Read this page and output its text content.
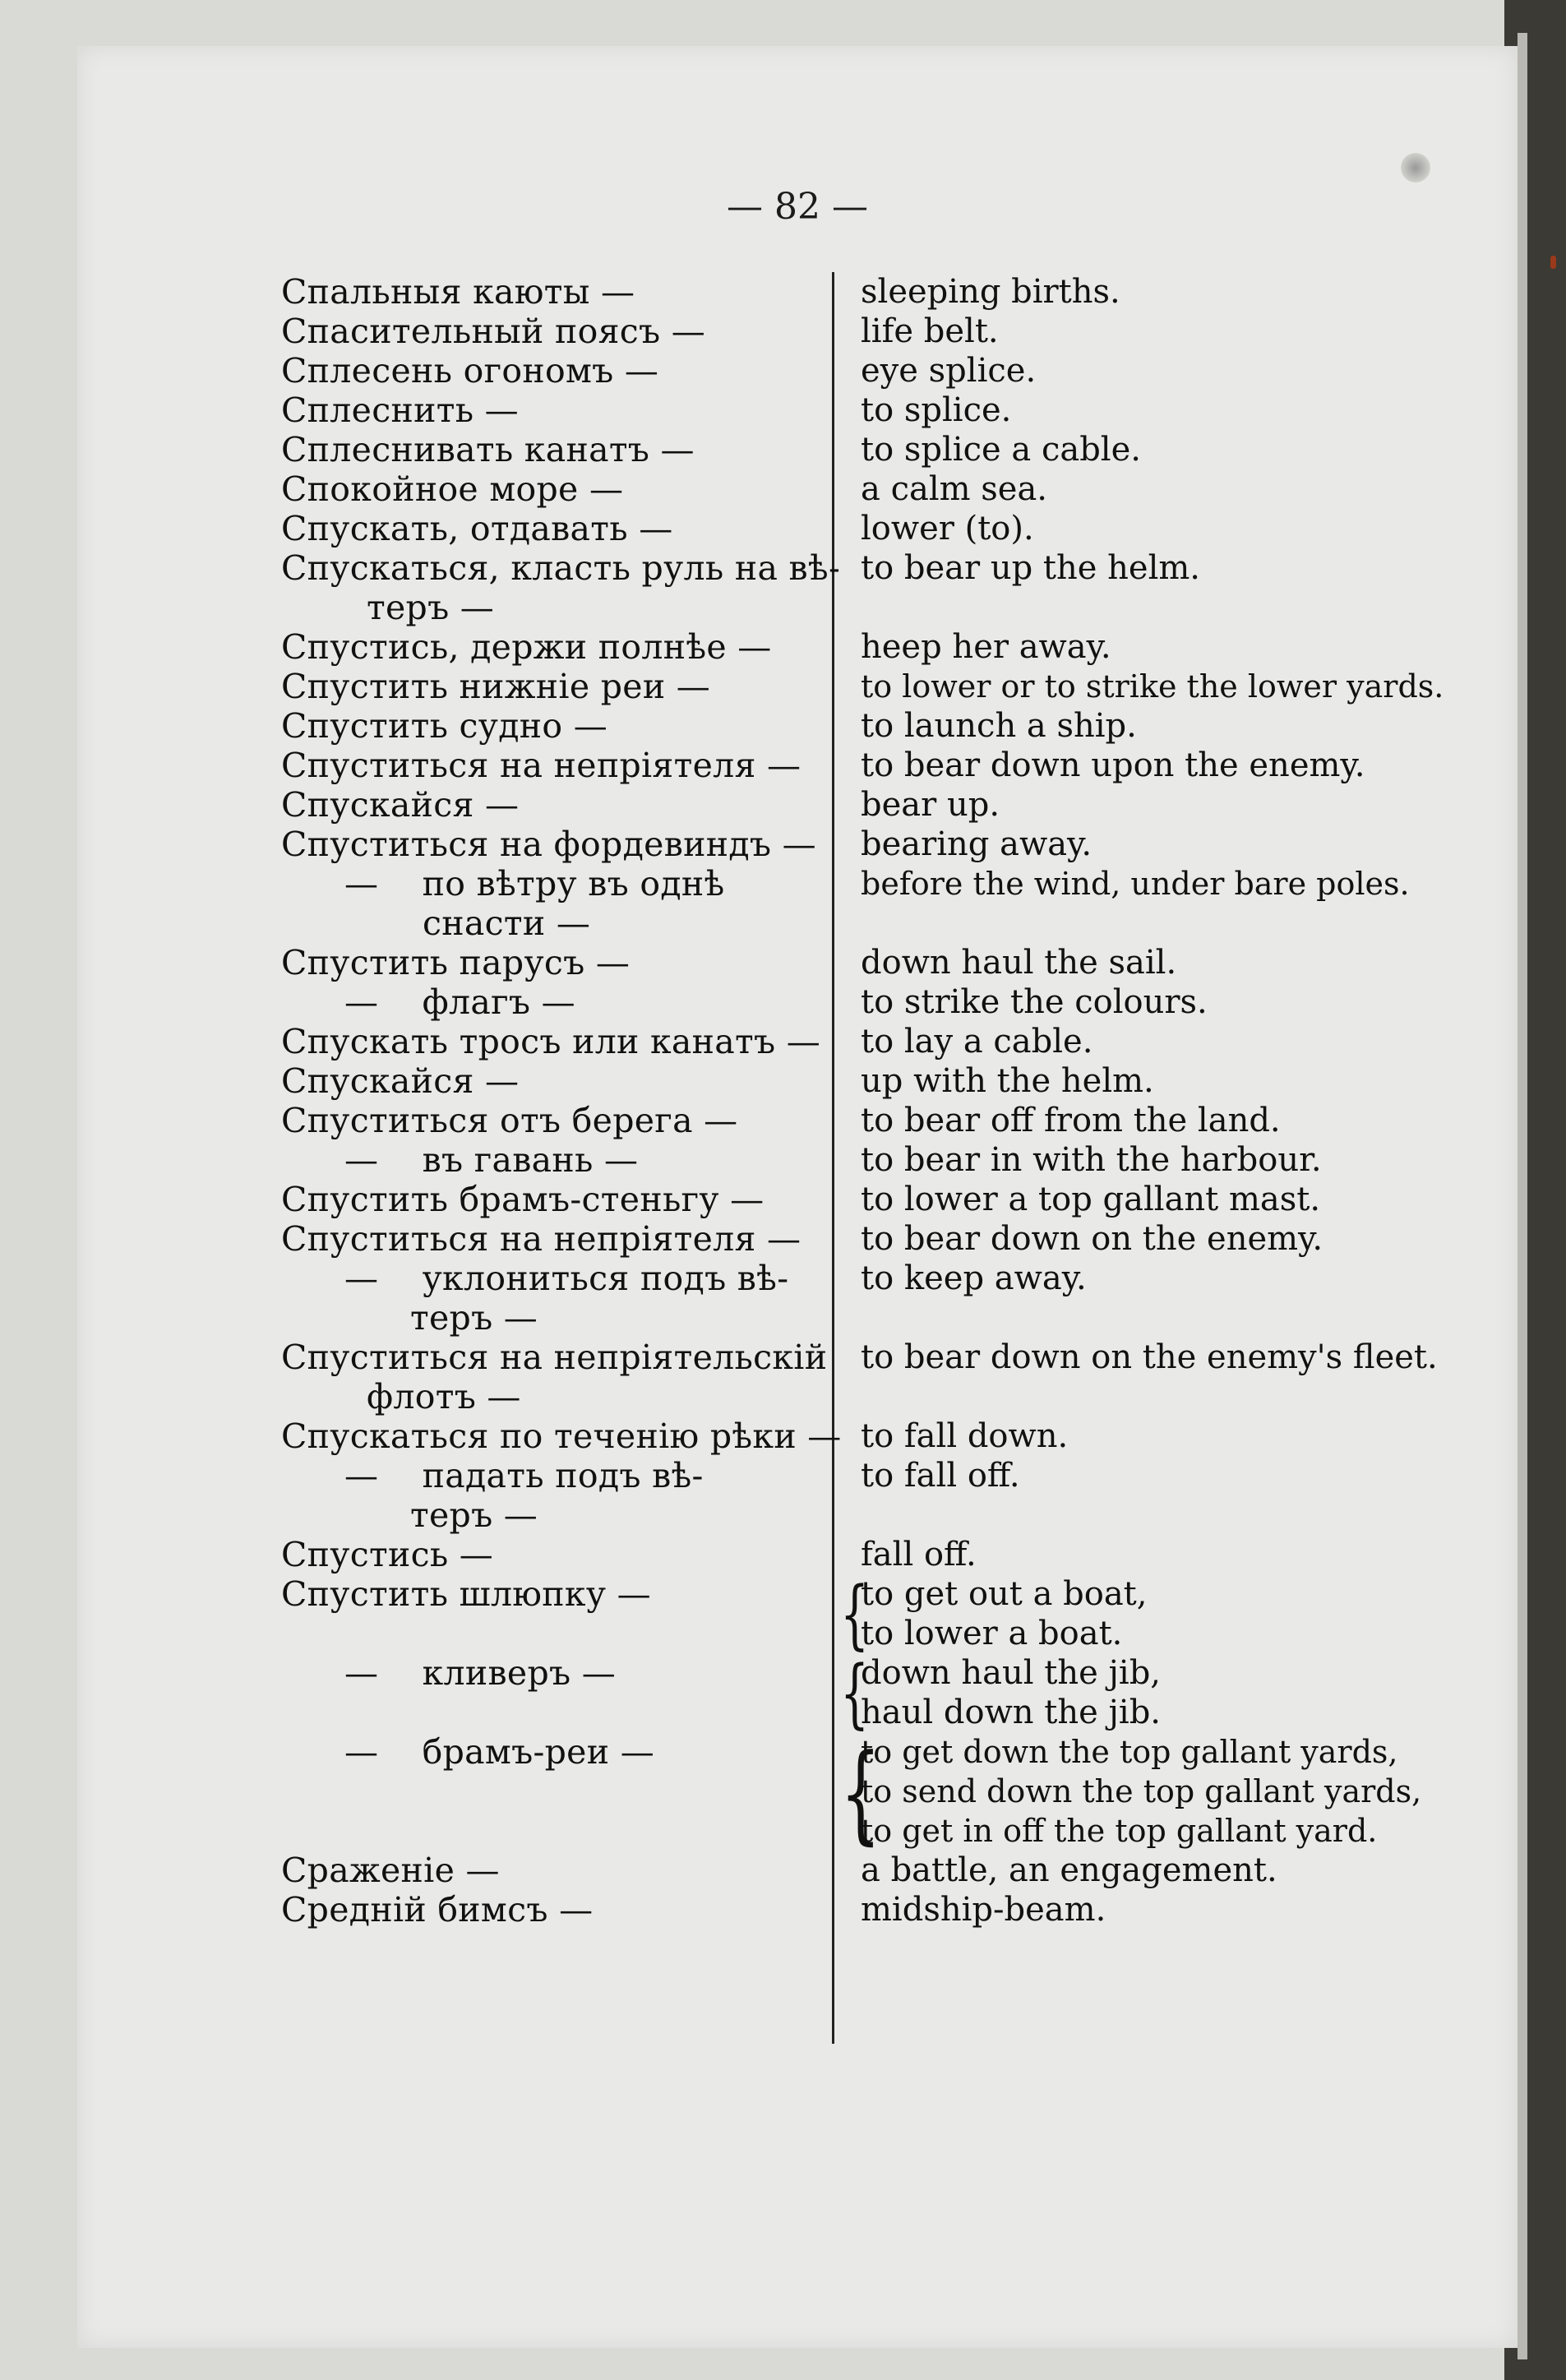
— 82 —
Спальныя каюты —	sleeping births.
Спасительный поясъ —	life belt.
Сплесень огономъ —	eye splice.
Сплеснить —	to splice.
Сплеснивать канатъ —	to splice a cable.
Спокойное море —	a calm sea.
Спускать, отдавать —	lower (to).
Спускаться, класть руль на вѣ- to bear up the helm.
теръ —
Спустись, держи полнѣе —	heep her away.
Спустить нижніе реи —	to lower or to strike the lower yards.
Спустить судно —	to launch a ship.
Спуститься на непріятеля —	to bear down upon the enemy.
Спускайся —	bear up.
Спуститься на фордевиндъ — bearing away.
—    по вѣтру въ однѣ	before the wind, under bare poles.
снасти —
Спустить парусъ —	down haul the sail.
—    флагъ —	to strike the colours.
Спускать тросъ или канатъ — to lay a cable.
Спускайся —	up with the helm.
Спуститься отъ берега —	to bear off from the land.
—    въ гавань —	to bear in with the harbour.
Спустить брамъ-стеньгу —	to lower a top gallant mast.
Спуститься на непріятеля —	to bear down on the enemy.
—    уклониться подъ вѣ-	to keep away.
теръ —
Спуститься на непріятельскій to bear down on the enemy's fleet.
флотъ —
Спускаться по теченію рѣки — to fall down.
—    падать подъ вѣ-	to fall off.
теръ —
Спустись —	fall off.
Спустить шлюпку —	to get out a boat,
to lower a boat.
{
—    кливеръ —	down haul the jib,
haul down the jib.
{
—    брамъ-реи —	to get down the top gallant yards,
to send down the top gallant yards,
to get in off the top gallant yard.
{
Сраженіе —	a battle, an engagement.
Средній бимсъ —	midship-beam.
